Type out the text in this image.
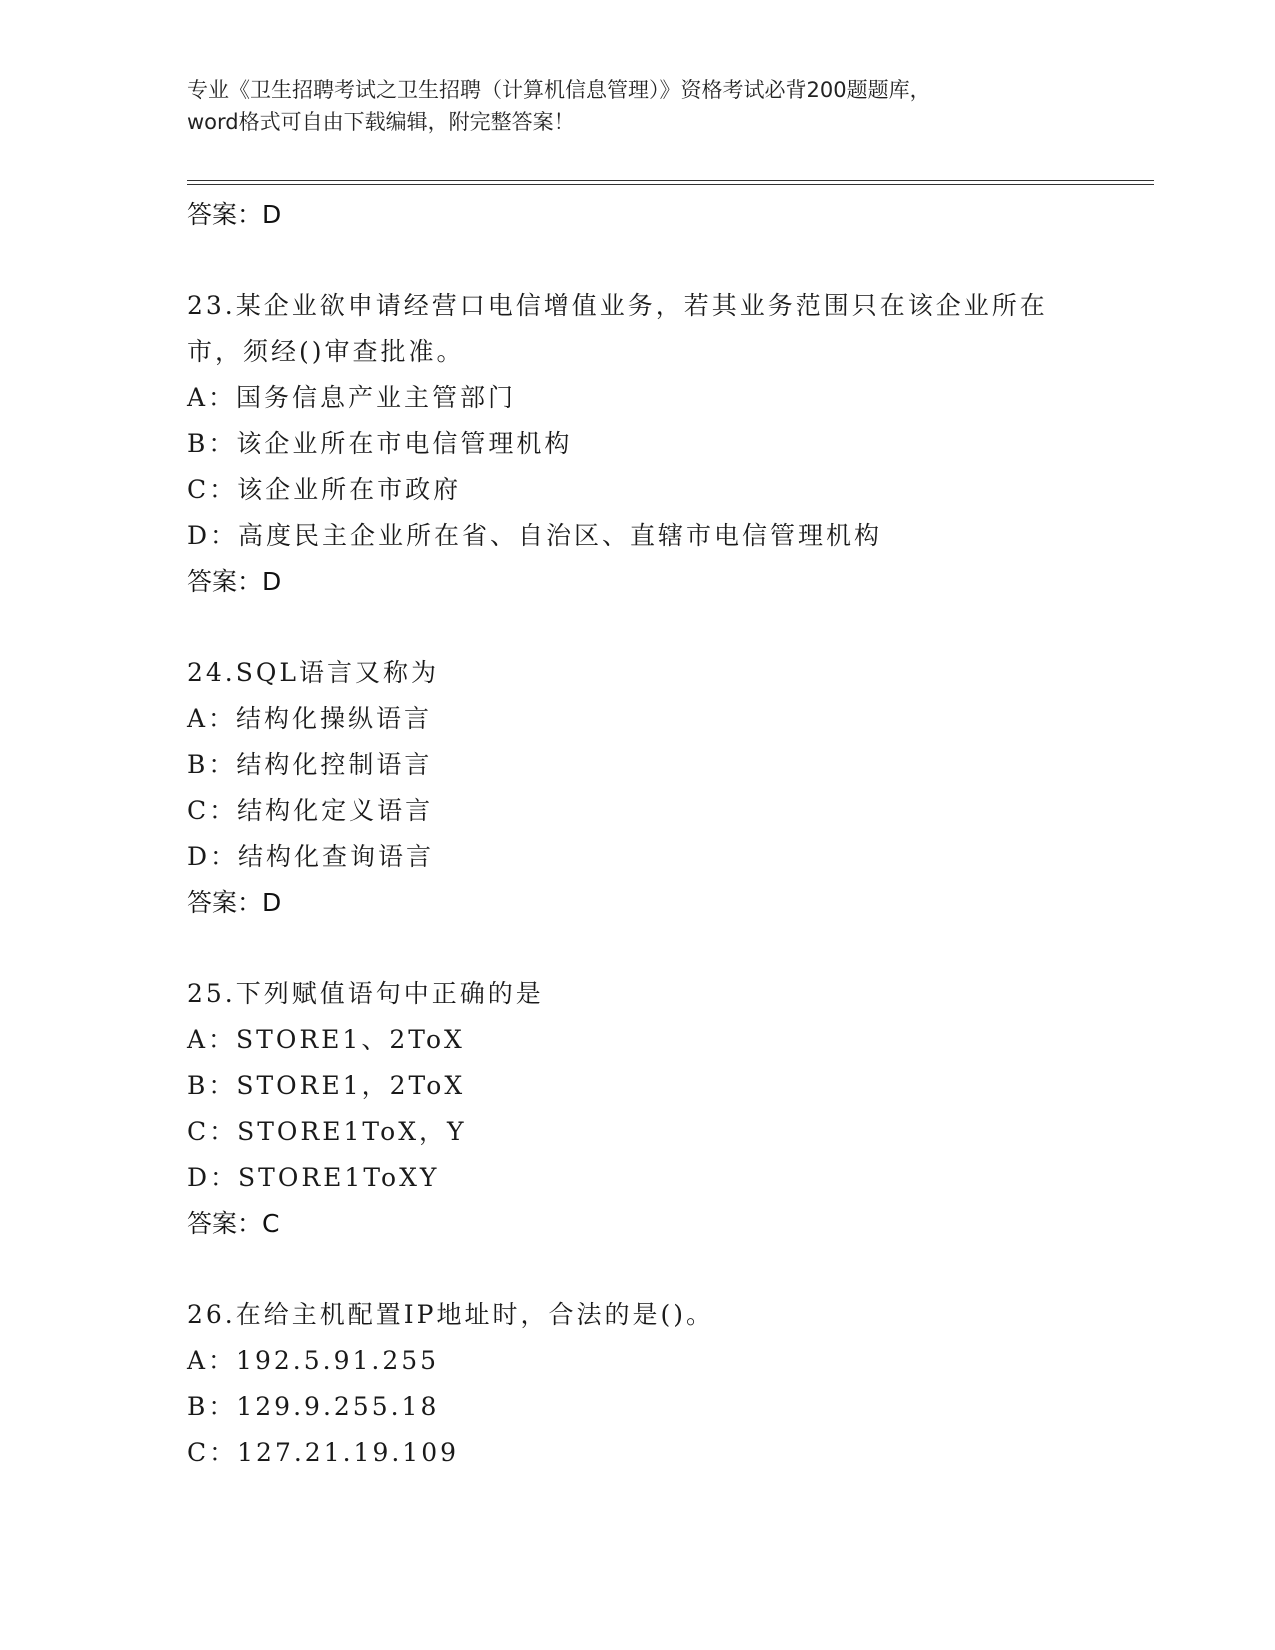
专业《卫生招聘考试之卫生招聘（计算机信息管理）》资格考试必背200题题库，
word格式可自由下载编辑，附完整答案！
答案：D
23.某企业欲申请经营口电信增值业务，若其业务范围只在该企业所在
市，须经()审查批准。
A：国务信息产业主管部门
B：该企业所在市电信管理机构
C：该企业所在市政府
D：高度民主企业所在省、自治区、直辖市电信管理机构
答案：D
24.SQL语言又称为
A：结构化操纵语言
B：结构化控制语言
C：结构化定义语言
D：结构化查询语言
答案：D
25.下列赋值语句中正确的是
A：STORE1、2ToX
B：STORE1，2ToX
C：STORE1ToX，Y
D：STORE1ToXY
答案：C
26.在给主机配置IP地址时，合法的是()。
A：192.5.91.255
B：129.9.255.18
C：127.21.19.109
